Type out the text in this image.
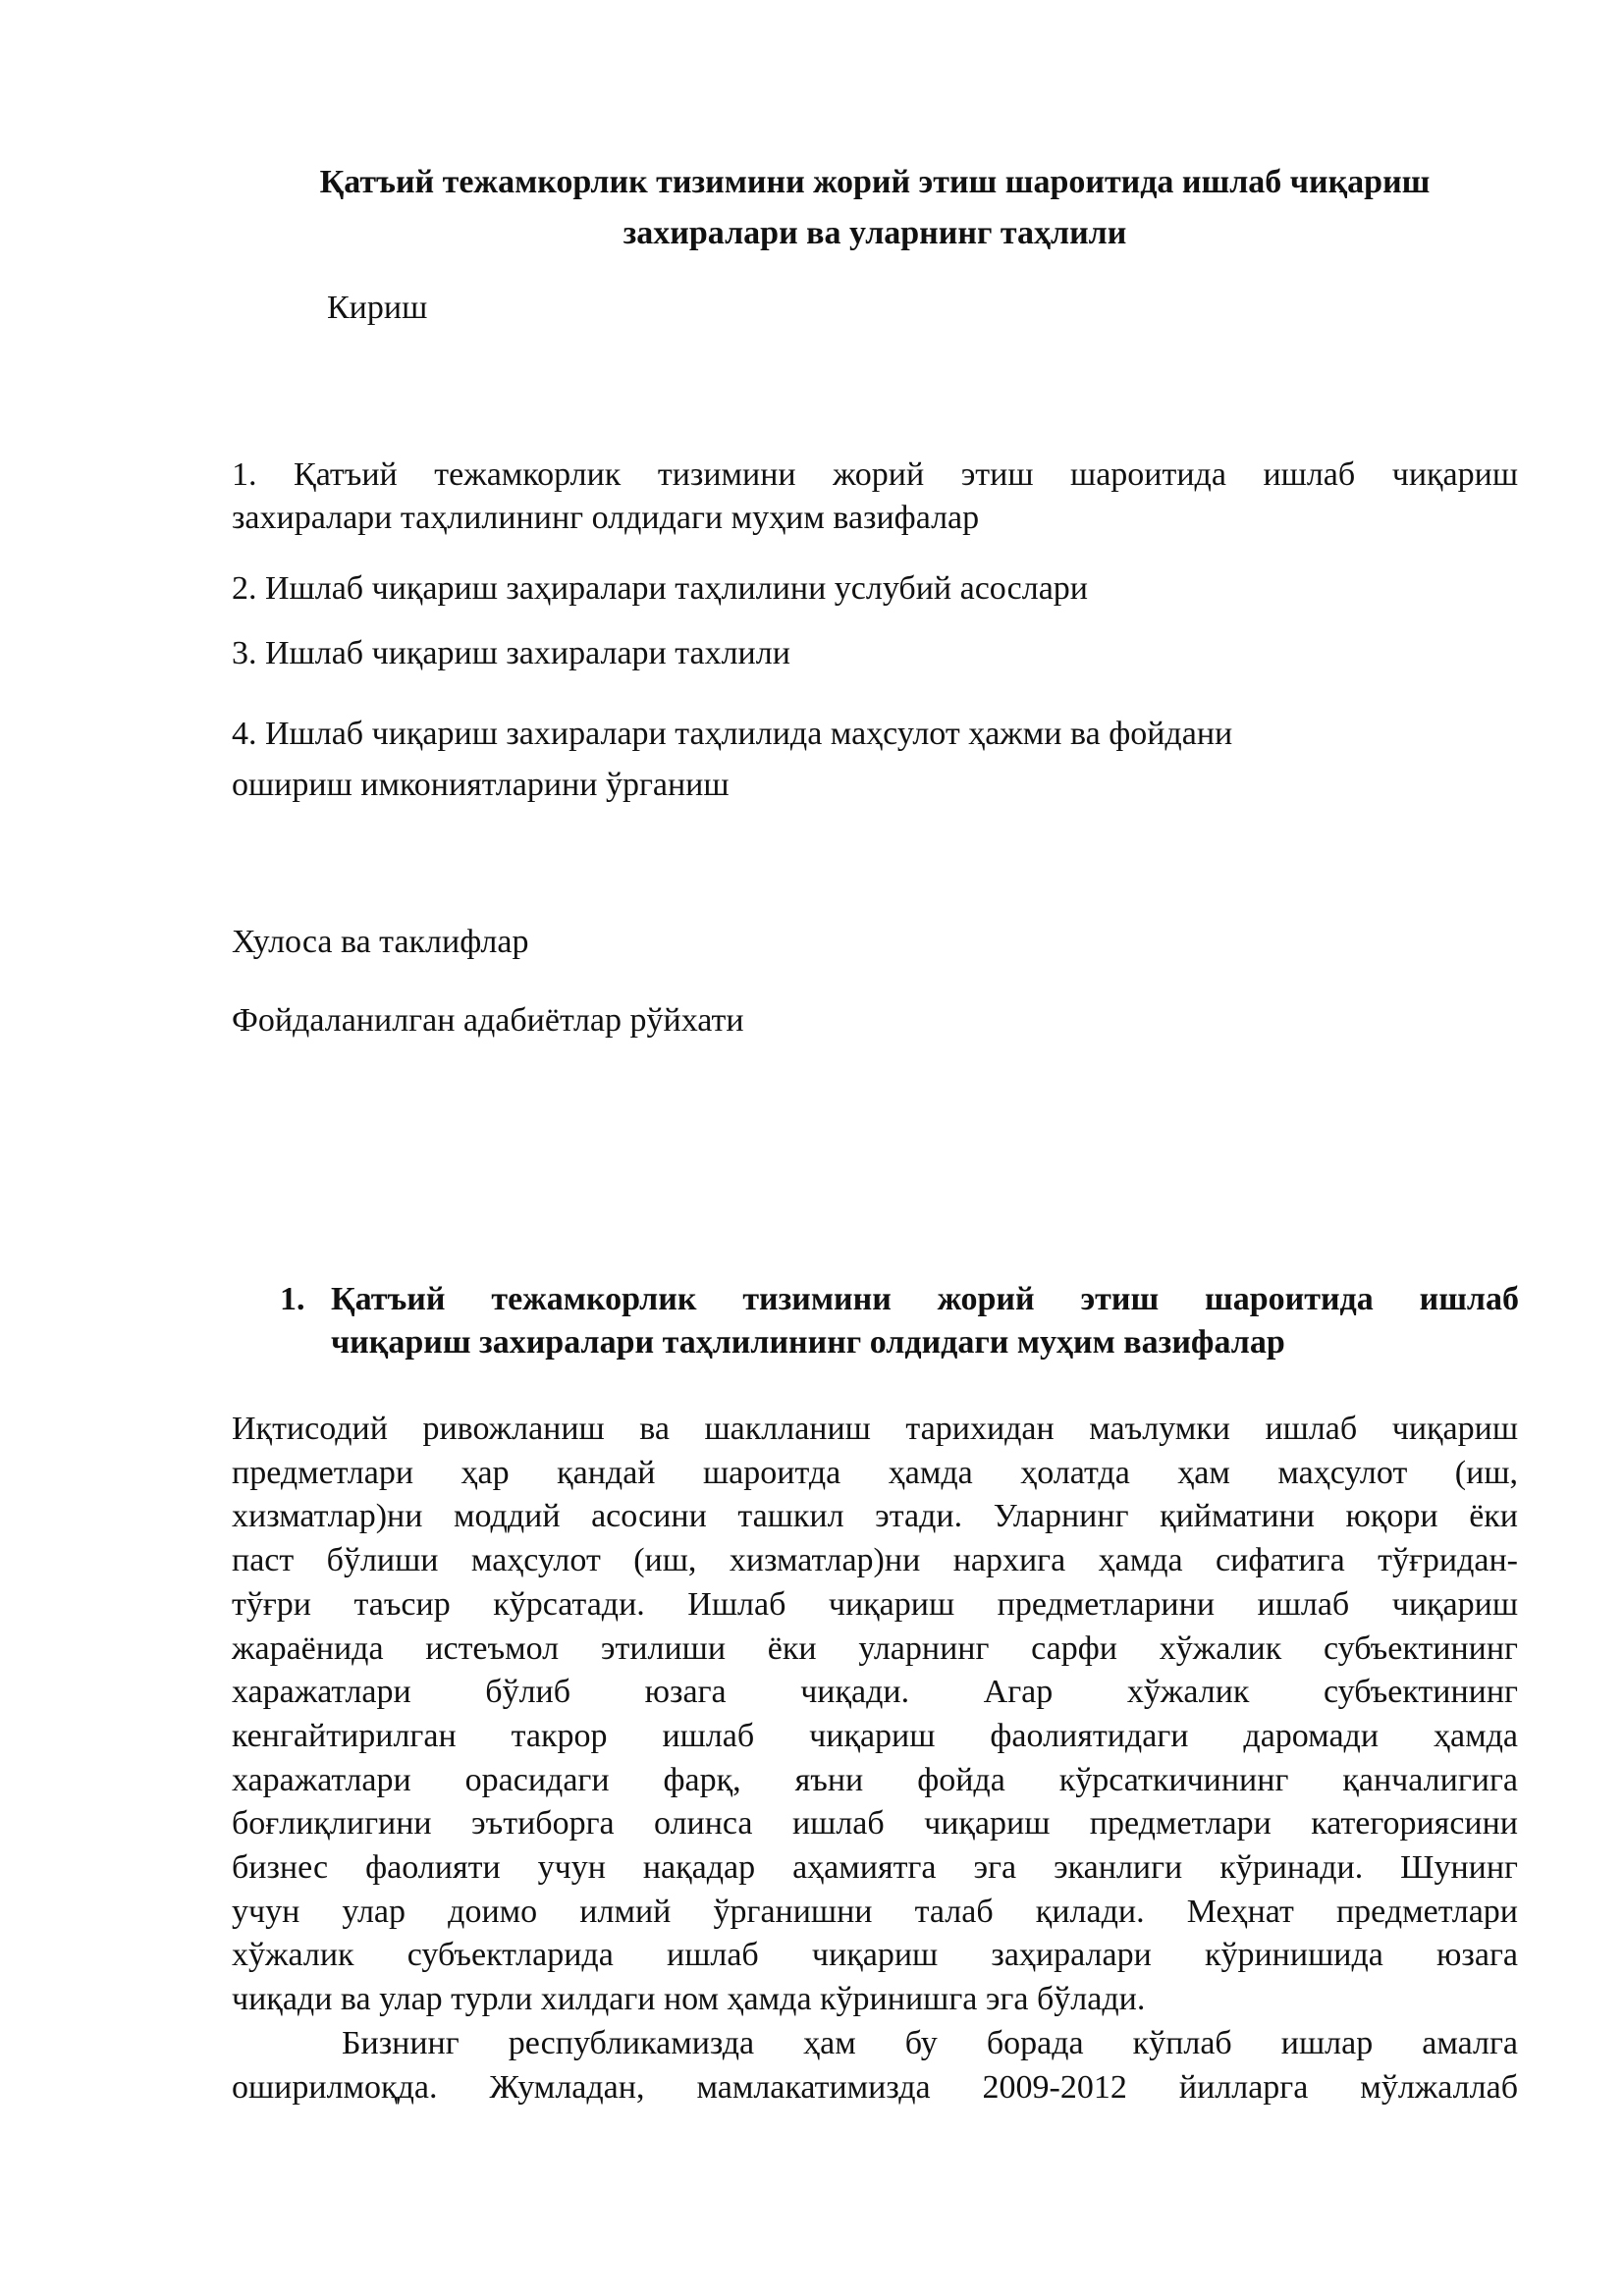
Қатъий тежамкорлик тизимини жорий этиш шароитида ишлаб чиқариш
захиралари ва уларнинг таҳлили

Кириш

1. Қатъий тежамкорлик тизимини жорий этиш шароитида ишлаб чиқариш
захиралари таҳлилининг олдидаги муҳим вазифалар

2. Ишлаб чиқариш заҳиралари таҳлилини услубий асослари

3. Ишлаб чиқариш захиралари тахлили

4. Ишлаб чиқариш захиралари таҳлилида маҳсулот ҳажми ва фойдани
ошириш имкониятларини ўрганиш

Хулоса ва таклифлар

Фойдаланилган адабиётлар рўйхати

1. Қатъий тежамкорлик тизимини жорий этиш шароитида ишлаб
чиқариш захиралари таҳлилининг олдидаги муҳим вазифалар
Иқтисодий ривожланиш ва шаклланиш тарихидан маълумки ишлаб чиқариш
предметлари ҳар қандай шароитда ҳамда ҳолатда ҳам маҳсулот (иш,
хизматлар)ни моддий асосини ташкил этади. Уларнинг қийматини юқори ёки
паст бўлиши маҳсулот (иш, хизматлар)ни нархига ҳамда сифатига тўғридан-
тўғри таъсир кўрсатади. Ишлаб чиқариш предметларини ишлаб чиқариш
жараёнида истеъмол этилиши ёки уларнинг сарфи хўжалик субъектининг
харажатлари бўлиб юзага чиқади. Агар хўжалик субъектининг
кенгайтирилган такрор ишлаб чиқариш фаолиятидаги даромади ҳамда
харажатлари орасидаги фарқ, яъни фойда кўрсаткичининг қанчалигига
боғлиқлигини эътиборга олинса ишлаб чиқариш предметлари категориясини
бизнес фаолияти учун нақадар аҳамиятга эга эканлиги кўринади. Шунинг
учун улар доимо илмий ўрганишни талаб қилади. Меҳнат предметлари
хўжалик субъектларида ишлаб чиқариш заҳиралари кўринишида юзага
чиқади ва улар турли хилдаги ном ҳамда кўринишга эга бўлади.
Бизнинг республикамизда ҳам бу борада кўплаб ишлар амалга
оширилмоқда. Жумладан, мамлакатимизда 2009-2012 йилларга мўлжаллаб
